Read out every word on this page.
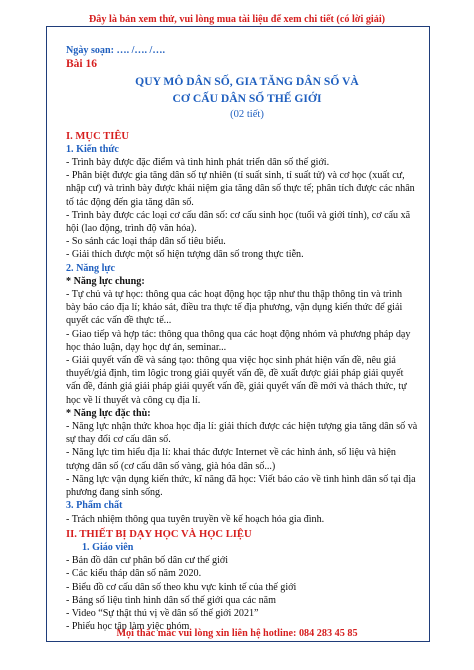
Đây là bản xem thử, vui lòng mua tài liệu để xem chi tiết (có lời giải)
Ngày soạn: …. /…. /….
Bài 16
QUY MÔ DÂN SỐ, GIA TĂNG DÂN SỐ VÀ
CƠ CẤU DÂN SỐ THẾ GIỚI
(02 tiết)
I. MỤC TIÊU
1. Kiến thức
- Trình bày được đặc điểm và tình hình phát triển dân số thế giới.
- Phân biệt được gia tăng dân số tự nhiên (tỉ suất sinh, tỉ suất tử) và cơ học (xuất cư,
nhập cư) và trình bày được khái niệm gia tăng dân số thực tế; phân tích được các nhân
tố tác động đến gia tăng dân số.
- Trình bày được các loại cơ cấu dân số: cơ cấu sinh học (tuổi và giới tính), cơ cấu xã
hội (lao động, trình độ văn hóa).
- So sánh các loại tháp dân số tiêu biểu.
- Giải thích được một số hiện tượng dân số trong thực tiễn.
2. Năng lực
* Năng lực chung:
- Tự chủ và tự học: thông qua các hoạt động học tập như thu thập thông tin và trình
bày báo cáo địa lí; khảo sát, điều tra thực tế địa phương, vận dụng kiến thức để giải
quyết các vấn đề thực tế...
- Giao tiếp và hợp tác: thông qua thông qua các hoạt động nhóm và phương pháp dạy
học thảo luận, dạy học dự án, seminar...
- Giải quyết vấn đề và sáng tạo: thông qua việc học sinh phát hiện vấn đề, nêu giả
thuyết/giả định, tìm lôgic trong giải quyết vấn đề, đề xuất được giải pháp giải quyết
vấn đề, đánh giá giải pháp giải quyết vấn đề, giải quyết vấn đề mới và thách thức, tự
học về lí thuyết và công cụ địa lí.
* Năng lực đặc thù:
- Năng lực nhận thức khoa học địa lí: giải thích được các hiện tượng gia tăng dân số và
sự thay đổi cơ cấu dân số.
- Năng lực tìm hiểu địa lí: khai thác được Internet về các hình ảnh, số liệu và hiện
tượng dân số (cơ cấu dân số vàng, già hóa dân số...)
- Năng lực vận dụng kiến thức, kĩ năng đã học: Viết báo cáo về tình hình dân số tại địa
phương đang sinh sống.
3. Phẩm chất
- Trách nhiệm thông qua tuyên truyền về kế hoạch hóa gia đình.
II. THIẾT BỊ DẠY HỌC VÀ HỌC LIỆU
1. Giáo viên
- Bản đồ dân cư phân bố dân cư thế giới
- Các kiểu tháp dân số năm 2020.
- Biểu đồ cơ cấu dân số theo khu vực kinh tế của thế giới
- Bảng số liệu tình hình dân số thế giới qua các năm
- Video “Sự thật thú vị về dân số thế giới 2021”
- Phiếu học tập làm việc nhóm
Mọi thắc mắc vui lòng xin liên hệ hotline: 084 283 45 85
